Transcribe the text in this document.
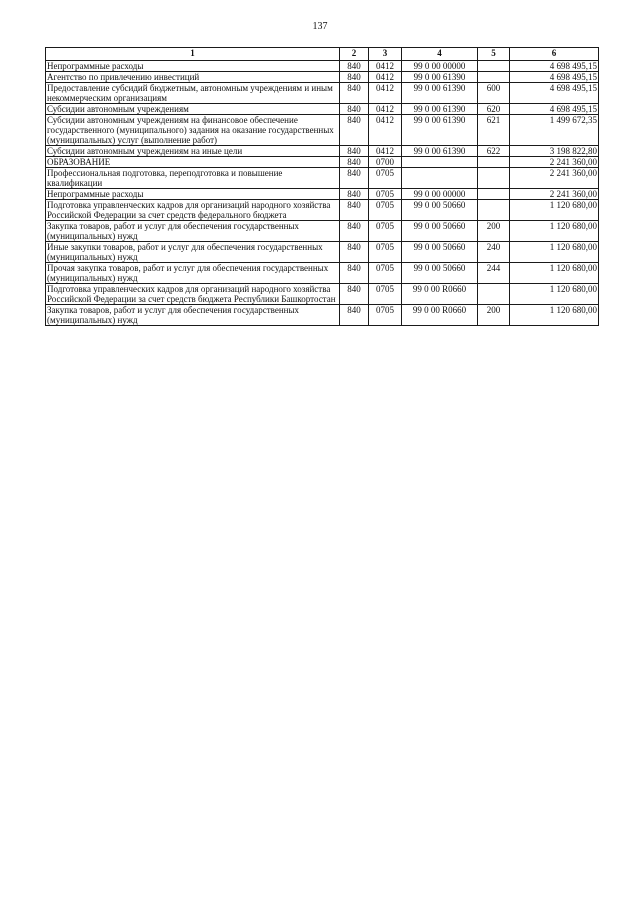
137
1	2	3	4	5	6
Непрограммные расходы	840	0412	99 0 00 00000		4 698 495,15
Агентство по привлечению инвестиций	840	0412	99 0 00 61390		4 698 495,15
Предоставление субсидий бюджетным, автономным учреждениям и иным некоммерческим организациям	840	0412	99 0 00 61390	600	4 698 495,15
Субсидии автономным учреждениям	840	0412	99 0 00 61390	620	4 698 495,15
Субсидии автономным учреждениям на финансовое обеспечение государственного (муниципального) задания на оказание государственных (муниципальных) услуг (выполнение работ)	840	0412	99 0 00 61390	621	1 499 672,35
Субсидии автономным учреждениям на иные цели	840	0412	99 0 00 61390	622	3 198 822,80
ОБРАЗОВАНИЕ	840	0700			2 241 360,00
Профессиональная подготовка, переподготовка и повышение квалификации	840	0705			2 241 360,00
Непрограммные расходы	840	0705	99 0 00 00000		2 241 360,00
Подготовка управленческих кадров для организаций народного хозяйства Российской Федерации за счет средств федерального бюджета	840	0705	99 0 00 50660		1 120 680,00
Закупка товаров, работ и услуг для обеспечения государственных (муниципальных) нужд	840	0705	99 0 00 50660	200	1 120 680,00
Иные закупки товаров, работ и услуг для обеспечения государственных (муниципальных) нужд	840	0705	99 0 00 50660	240	1 120 680,00
Прочая закупка товаров, работ и услуг для обеспечения государственных (муниципальных) нужд	840	0705	99 0 00 50660	244	1 120 680,00
Подготовка управленческих кадров для организаций народного хозяйства Российской Федерации за счет средств бюджета Республики Башкортостан	840	0705	99 0 00 R0660		1 120 680,00
Закупка товаров, работ и услуг для обеспечения государственных (муниципальных) нужд	840	0705	99 0 00 R0660	200	1 120 680,00
